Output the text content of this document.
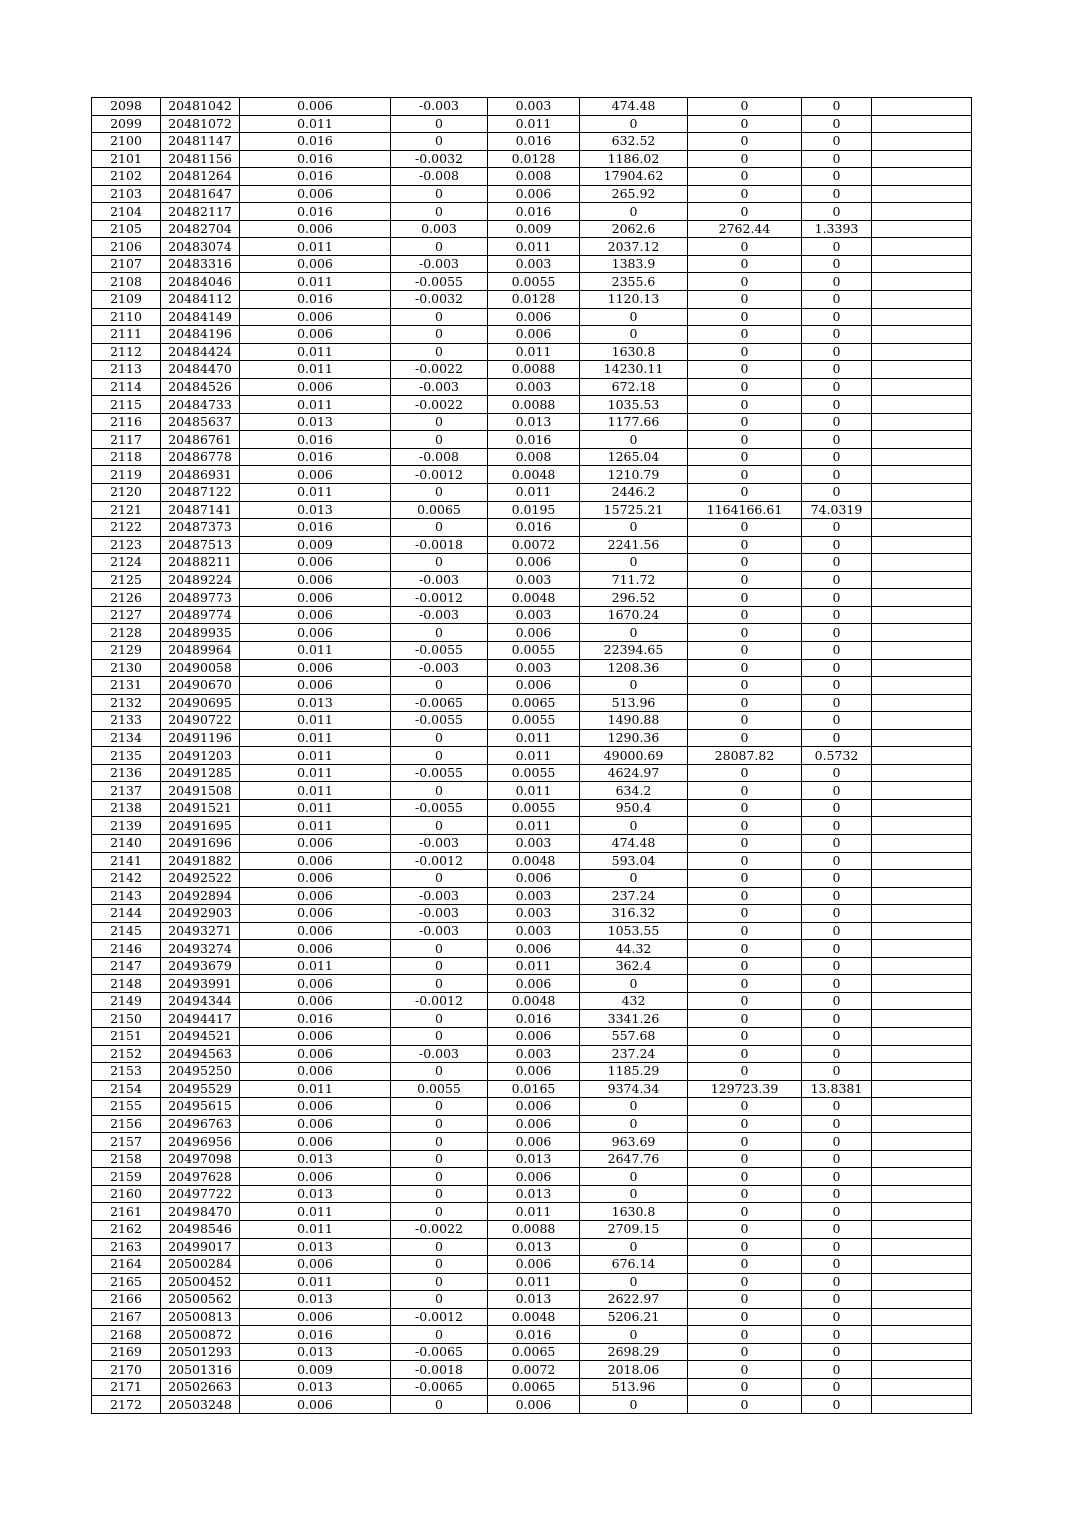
2098	20481042	0.006	-0.003	0.003	474.48	0	0	
2099	20481072	0.011	0	0.011	0	0	0	
2100	20481147	0.016	0	0.016	632.52	0	0	
2101	20481156	0.016	-0.0032	0.0128	1186.02	0	0	
2102	20481264	0.016	-0.008	0.008	17904.62	0	0	
2103	20481647	0.006	0	0.006	265.92	0	0	
2104	20482117	0.016	0	0.016	0	0	0	
2105	20482704	0.006	0.003	0.009	2062.6	2762.44	1.3393	
2106	20483074	0.011	0	0.011	2037.12	0	0	
2107	20483316	0.006	-0.003	0.003	1383.9	0	0	
2108	20484046	0.011	-0.0055	0.0055	2355.6	0	0	
2109	20484112	0.016	-0.0032	0.0128	1120.13	0	0	
2110	20484149	0.006	0	0.006	0	0	0	
2111	20484196	0.006	0	0.006	0	0	0	
2112	20484424	0.011	0	0.011	1630.8	0	0	
2113	20484470	0.011	-0.0022	0.0088	14230.11	0	0	
2114	20484526	0.006	-0.003	0.003	672.18	0	0	
2115	20484733	0.011	-0.0022	0.0088	1035.53	0	0	
2116	20485637	0.013	0	0.013	1177.66	0	0	
2117	20486761	0.016	0	0.016	0	0	0	
2118	20486778	0.016	-0.008	0.008	1265.04	0	0	
2119	20486931	0.006	-0.0012	0.0048	1210.79	0	0	
2120	20487122	0.011	0	0.011	2446.2	0	0	
2121	20487141	0.013	0.0065	0.0195	15725.21	1164166.61	74.0319	
2122	20487373	0.016	0	0.016	0	0	0	
2123	20487513	0.009	-0.0018	0.0072	2241.56	0	0	
2124	20488211	0.006	0	0.006	0	0	0	
2125	20489224	0.006	-0.003	0.003	711.72	0	0	
2126	20489773	0.006	-0.0012	0.0048	296.52	0	0	
2127	20489774	0.006	-0.003	0.003	1670.24	0	0	
2128	20489935	0.006	0	0.006	0	0	0	
2129	20489964	0.011	-0.0055	0.0055	22394.65	0	0	
2130	20490058	0.006	-0.003	0.003	1208.36	0	0	
2131	20490670	0.006	0	0.006	0	0	0	
2132	20490695	0.013	-0.0065	0.0065	513.96	0	0	
2133	20490722	0.011	-0.0055	0.0055	1490.88	0	0	
2134	20491196	0.011	0	0.011	1290.36	0	0	
2135	20491203	0.011	0	0.011	49000.69	28087.82	0.5732	
2136	20491285	0.011	-0.0055	0.0055	4624.97	0	0	
2137	20491508	0.011	0	0.011	634.2	0	0	
2138	20491521	0.011	-0.0055	0.0055	950.4	0	0	
2139	20491695	0.011	0	0.011	0	0	0	
2140	20491696	0.006	-0.003	0.003	474.48	0	0	
2141	20491882	0.006	-0.0012	0.0048	593.04	0	0	
2142	20492522	0.006	0	0.006	0	0	0	
2143	20492894	0.006	-0.003	0.003	237.24	0	0	
2144	20492903	0.006	-0.003	0.003	316.32	0	0	
2145	20493271	0.006	-0.003	0.003	1053.55	0	0	
2146	20493274	0.006	0	0.006	44.32	0	0	
2147	20493679	0.011	0	0.011	362.4	0	0	
2148	20493991	0.006	0	0.006	0	0	0	
2149	20494344	0.006	-0.0012	0.0048	432	0	0	
2150	20494417	0.016	0	0.016	3341.26	0	0	
2151	20494521	0.006	0	0.006	557.68	0	0	
2152	20494563	0.006	-0.003	0.003	237.24	0	0	
2153	20495250	0.006	0	0.006	1185.29	0	0	
2154	20495529	0.011	0.0055	0.0165	9374.34	129723.39	13.8381	
2155	20495615	0.006	0	0.006	0	0	0	
2156	20496763	0.006	0	0.006	0	0	0	
2157	20496956	0.006	0	0.006	963.69	0	0	
2158	20497098	0.013	0	0.013	2647.76	0	0	
2159	20497628	0.006	0	0.006	0	0	0	
2160	20497722	0.013	0	0.013	0	0	0	
2161	20498470	0.011	0	0.011	1630.8	0	0	
2162	20498546	0.011	-0.0022	0.0088	2709.15	0	0	
2163	20499017	0.013	0	0.013	0	0	0	
2164	20500284	0.006	0	0.006	676.14	0	0	
2165	20500452	0.011	0	0.011	0	0	0	
2166	20500562	0.013	0	0.013	2622.97	0	0	
2167	20500813	0.006	-0.0012	0.0048	5206.21	0	0	
2168	20500872	0.016	0	0.016	0	0	0	
2169	20501293	0.013	-0.0065	0.0065	2698.29	0	0	
2170	20501316	0.009	-0.0018	0.0072	2018.06	0	0	
2171	20502663	0.013	-0.0065	0.0065	513.96	0	0	
2172	20503248	0.006	0	0.006	0	0	0	
